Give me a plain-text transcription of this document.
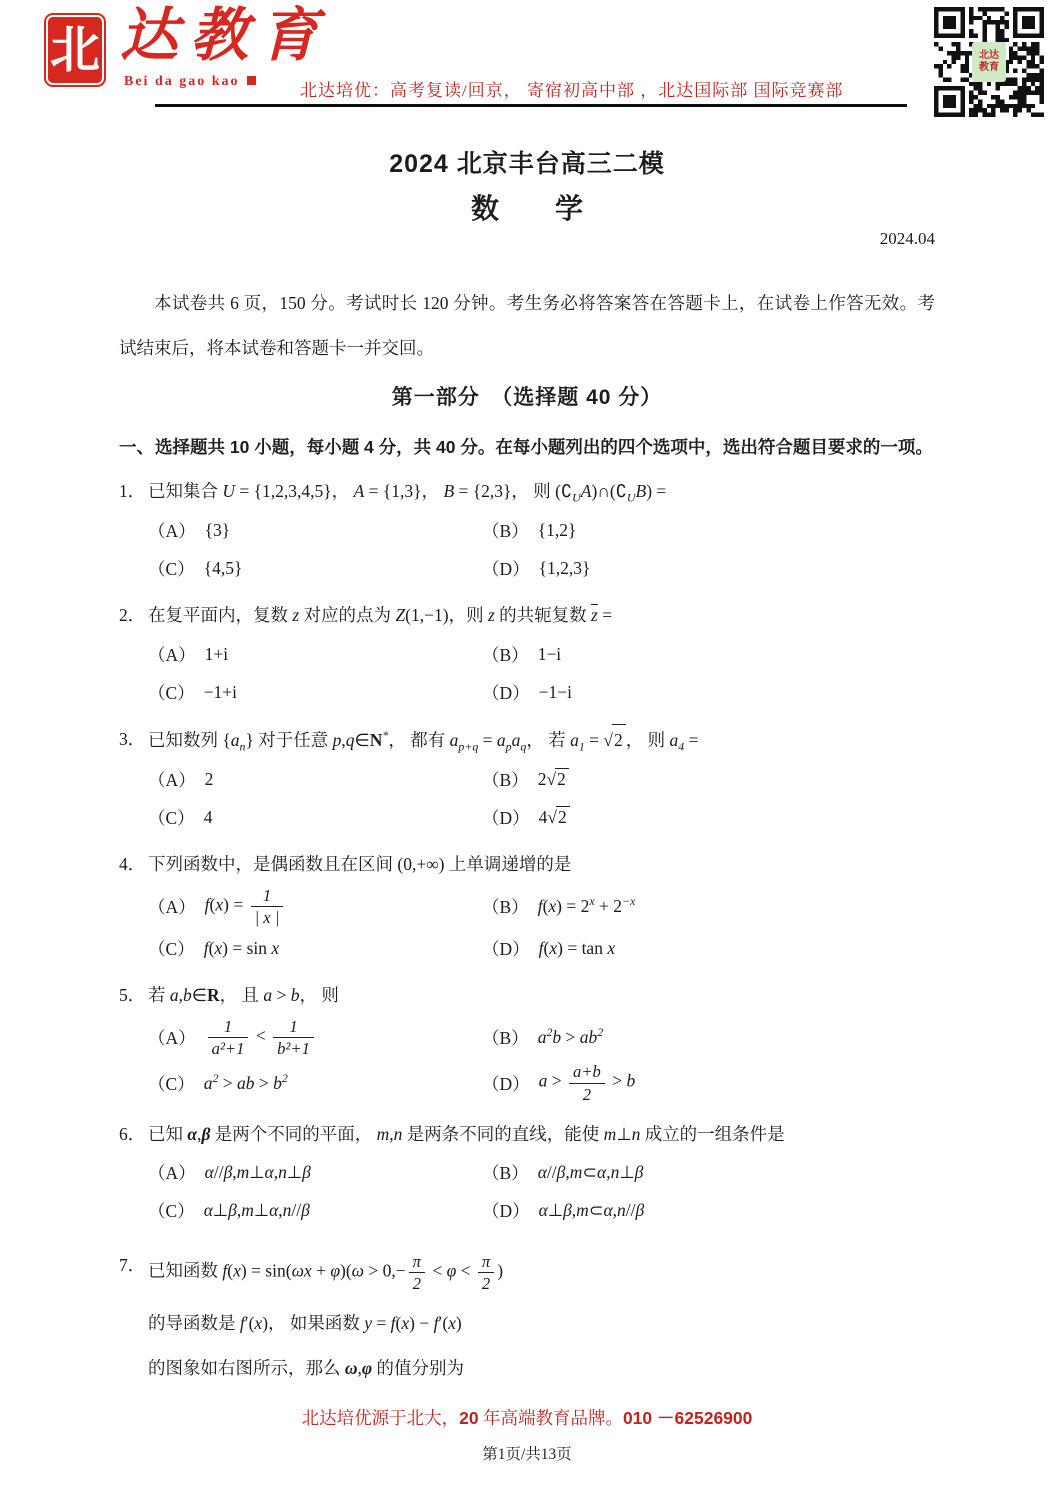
北 达教育
Bei da gao kao	北达培优：高考复读/回京， 寄宿初高中部 ，北达国际部 国际竞赛部
北达
教育
2024 北京丰台高三二模
数　　学
2024.04
本试卷共 6 页，150 分。考试时长 120 分钟。考生务必将答案答在答题卡上，在试卷上作答无效。考试结束后，将本试卷和答题卡一并交回。
第一部分　（选择题 40 分）
一、 选择题共 10 小题，每小题 4 分，共 40 分。在每小题列出的四个选项中，选出符合题目要求的一项。
1． 已知集合 U = {1,2,3,4,5}， A = {1,3}， B = {2,3}， 则 $(∁_UA)\cap(∁_UB)$ =
（A） {3}	（B） {1,2}
（C） {4,5}	（D） {1,2,3}
2． 在复平面内，复数 z 对应的点为 Z(1,−1)，则 z 的共轭复数 $\overline{z}$ =
（A） 1+i	（B） 1−i
（C） −1+i	（D） −1−i
3． 已知数列 $\{a_n\}$ 对于任意 p,q∈N*， 都有 $a_{p+q} = a_pa_q$， 若 $a_1$ = √ 2 ， 则 $a_4$ =
（A） 2	（B） 2 √ 2
（C） 4	（D） 4 √ 2
4． 下列函数中，是偶函数且在区间 (0,+∞) 上单调递增的是
（A） $f(x) = \frac{1}{| x |}$	（B） $f(x) = 2^x + 2^{-x}$
（C） f(x) = sin x	（D） f(x) = tan x
5． 若 a,b∈R， 且 a > b， 则
$(A) \frac{1}{\text{a²+1}} < \frac{1}{\text{b²+1}}$	（B） $a^2b > ab^2$
（C） $a^2$ > ab > $b^2$	（D） $a > \frac{a+b}{2} > b$
6． 已知 α,β 是两个不同的平面， m,n 是两条不同的直线，能使 m⊥n 成立的一组条件是
（A） α//β,m⊥α,n⊥β	（B） α//β,m⊂α,n⊥β
（C） α⊥β,m⊥α,n//β	（D） α⊥β,m⊂α,n//β
7． 已知函数 $f(x) = \sin(\omega x + \varphi)(\omega > 0,- \frac{\pi}{2} < \varphi < \frac{\pi}{2}$ )
的导函数是 f′(x)， 如果函数 y = f(x) − f′(x)
的图象如右图所示，那么 ω,φ 的值分别为
北达培优源于北大，20 年高端教育品牌。010 －62526900
第1页/共13页
